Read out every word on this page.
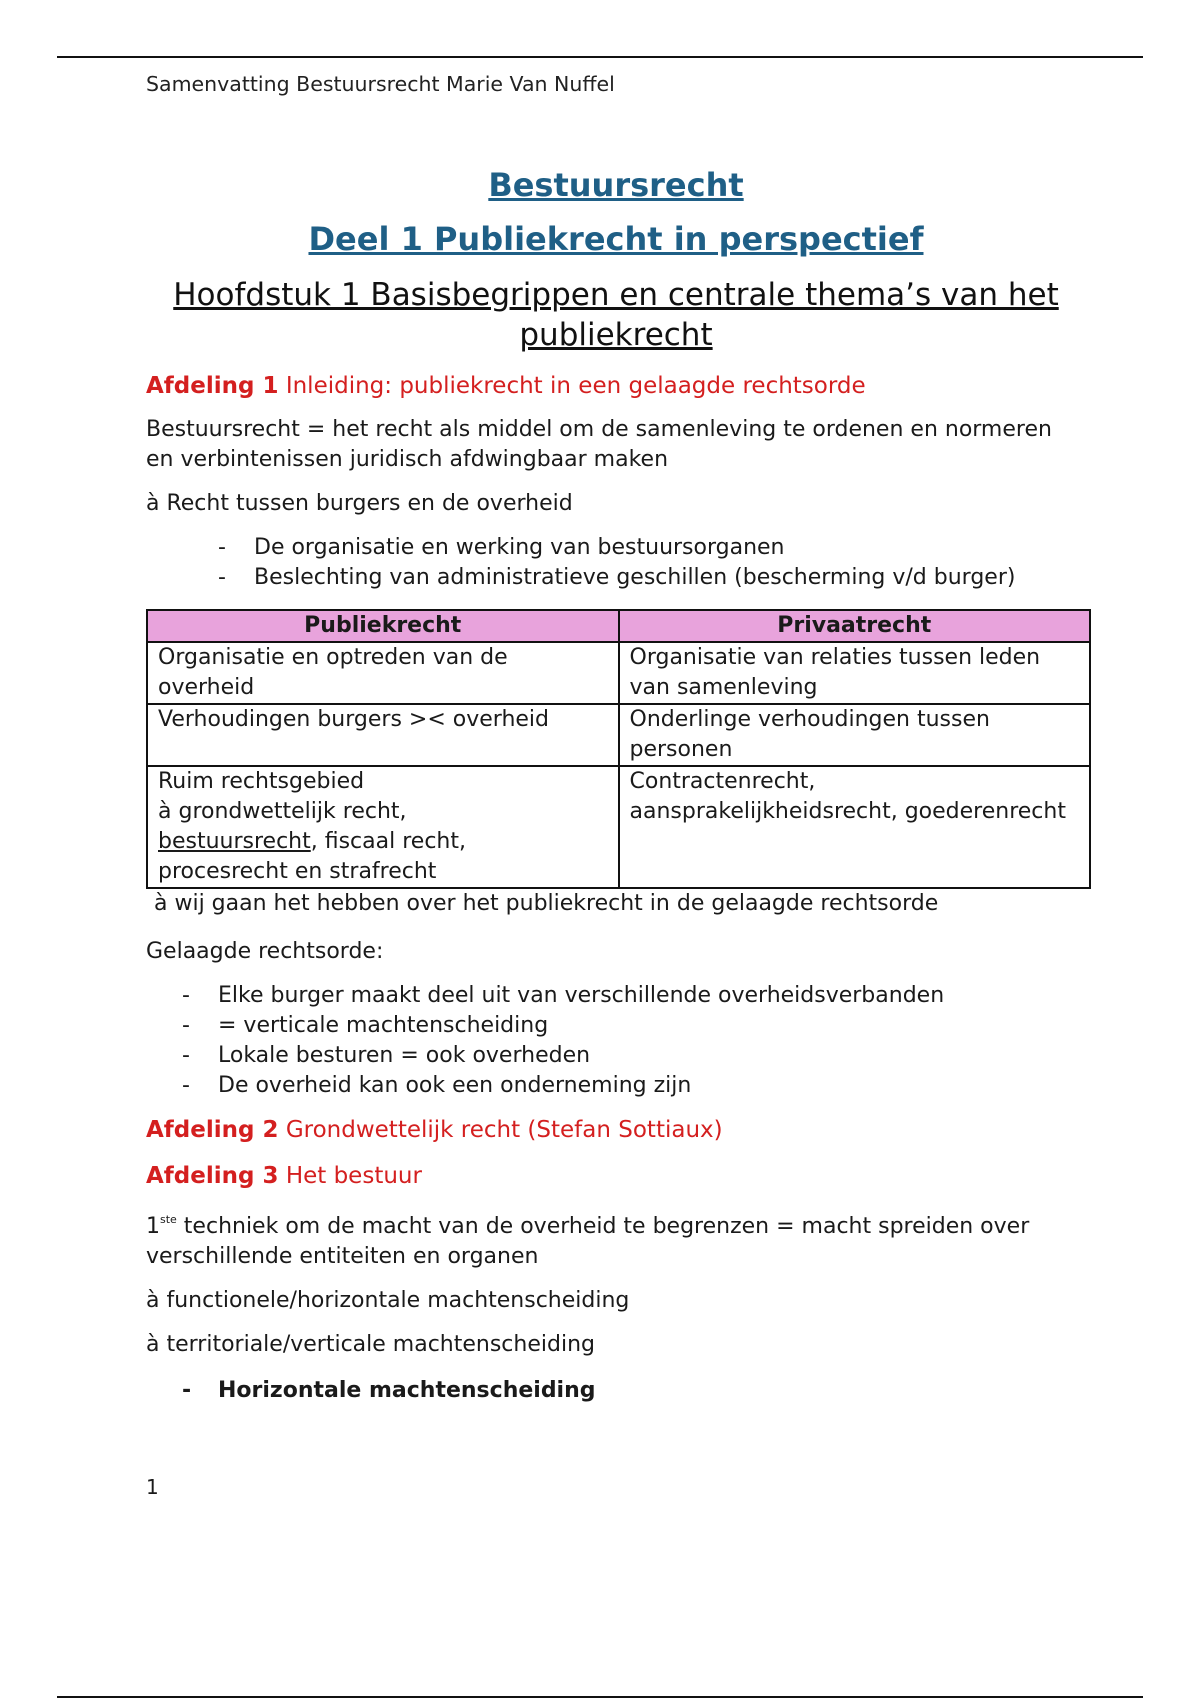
Samenvatting Bestuursrecht Marie Van Nuffel

Bestuursrecht

Deel 1 Publiekrecht in perspectief

Hoofdstuk 1 Basisbegrippen en centrale thema’s van het publiekrecht

Afdeling 1 Inleiding: publiekrecht in een gelaagde rechtsorde

Bestuursrecht = het recht als middel om de samenleving te ordenen en normeren en verbintenissen juridisch afdwingbaar maken

à Recht tussen burgers en de overheid

- De organisatie en werking van bestuursorganen
- Beslechting van administratieve geschillen (bescherming v/d burger)
Publiekrecht	Privaatrecht
Organisatie en optreden van de overheid	Organisatie van relaties tussen leden van samenleving
Verhoudingen burgers >< overheid	Onderlinge verhoudingen tussen personen
Ruim rechtsgebied
à grondwettelijk recht,
bestuursrecht, fiscaal recht,
procesrecht en strafrecht	Contractenrecht, aansprakelijkheidsrecht, goederenrecht

à wij gaan het hebben over het publiekrecht in de gelaagde rechtsorde

Gelaagde rechtsorde:

- Elke burger maakt deel uit van verschillende overheidsverbanden
- = verticale machtenscheiding
- Lokale besturen = ook overheden
- De overheid kan ook een onderneming zijn

Afdeling 2 Grondwettelijk recht (Stefan Sottiaux)

Afdeling 3 Het bestuur

1ste techniek om de macht van de overheid te begrenzen = macht spreiden over verschillende entiteiten en organen

à functionele/horizontale machtenscheiding

à territoriale/verticale machtenscheiding

- Horizontale machtenscheiding
1
